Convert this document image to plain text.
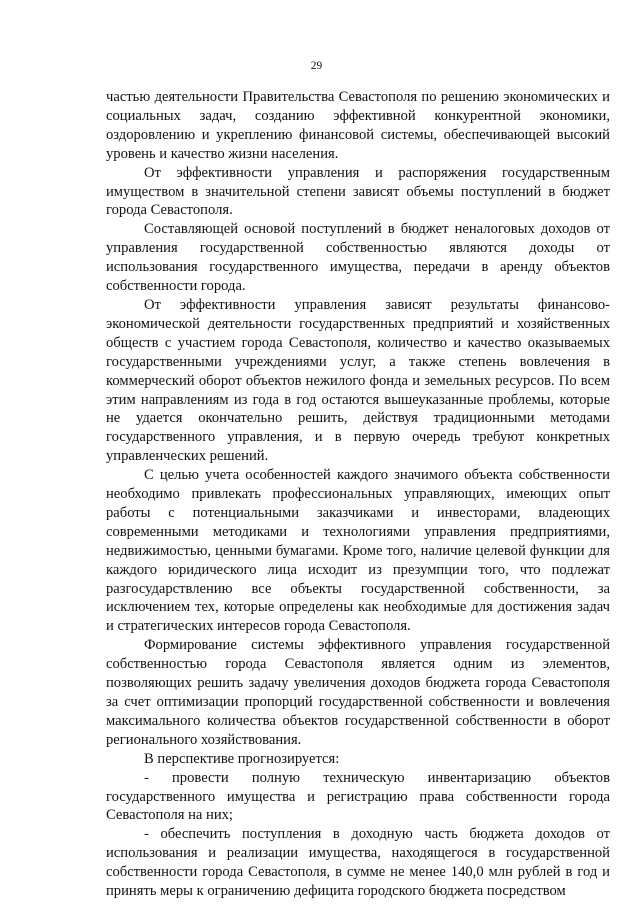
29

частью деятельности Правительства Севастополя по решению экономических и социальных задач, созданию эффективной конкурентной экономики, оздоровлению и укреплению финансовой системы, обеспечивающей высокий уровень и качество жизни населения.

От эффективности управления и распоряжения государственным имуществом в значительной степени зависят объемы поступлений в бюджет города Севастополя.

Составляющей основой поступлений в бюджет неналоговых доходов от управления государственной собственностью являются доходы от использования государственного имущества, передачи в аренду объектов собственности города.

От эффективности управления зависят результаты финансово-экономической деятельности государственных предприятий и хозяйственных обществ с участием города Севастополя, количество и качество оказываемых государственными учреждениями услуг, а также степень вовлечения в коммерческий оборот объектов нежилого фонда и земельных ресурсов. По всем этим направлениям из года в год остаются вышеуказанные проблемы, которые не удается окончательно решить, действуя традиционными методами государственного управления, и в первую очередь требуют конкретных управленческих решений.

С целью учета особенностей каждого значимого объекта собственности необходимо привлекать профессиональных управляющих, имеющих опыт работы с потенциальными заказчиками и инвесторами, владеющих современными методиками и технологиями управления предприятиями, недвижимостью, ценными бумагами. Кроме того, наличие целевой функции для каждого юридического лица исходит из презумпции того, что подлежат разгосударствлению все объекты государственной собственности, за исключением тех, которые определены как необходимые для достижения задач и стратегических интересов города Севастополя.

Формирование системы эффективного управления государственной собственностью города Севастополя является одним из элементов, позволяющих решить задачу увеличения доходов бюджета города Севастополя за счет оптимизации пропорций государственной собственности и вовлечения максимального количества объектов государственной собственности в оборот регионального хозяйствования.

В перспективе прогнозируется:

- провести полную техническую инвентаризацию объектов государственного имущества и регистрацию права собственности города Севастополя на них;

- обеспечить поступления в доходную часть бюджета доходов от использования и реализации имущества, находящегося в государственной собственности города Севастополя, в сумме не менее 140,0 млн рублей в год и принять меры к ограничению дефицита городского бюджета посредством
